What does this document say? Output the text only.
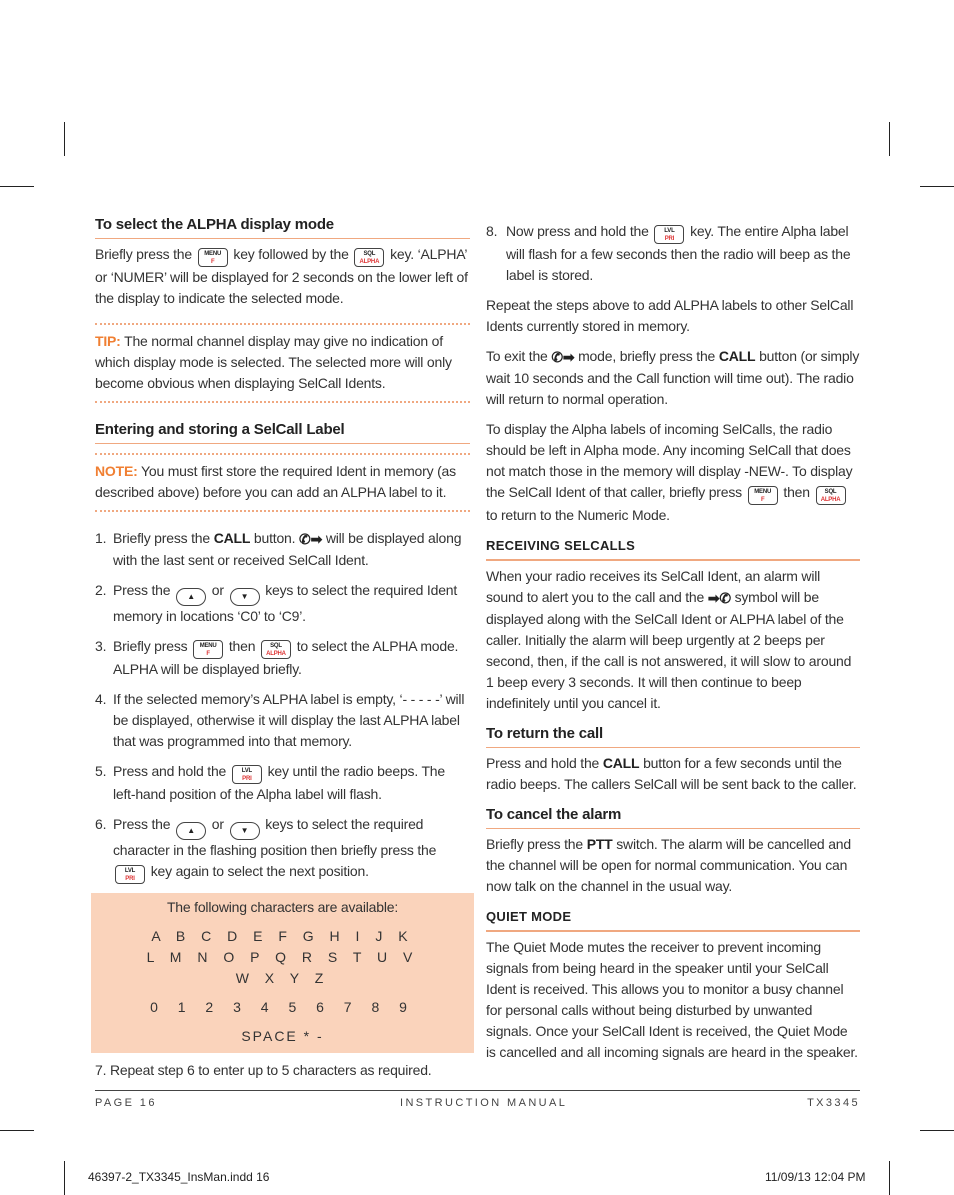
To select the ALPHA display mode

Briefly press the	MENU
F	key followed by the	SQL
ALPHA key. ‘ALPHA’ or ‘NUMER’ will be displayed for 2 seconds on the lower left of the display to indicate the selected mode.

TIP: The normal channel display may give no indication of which display mode is selected. The selected more will only become obvious when displaying SelCall Idents.
Entering and storing a SelCall Label
NOTE: You must first store the required Ident in memory (as described above) before you can add an ALPHA label to it.
1. Briefly press the CALL button. ✆➡ will be displayed along with the last sent or received SelCall Ident.
2. Press the ▲ or ▼ keys to select the required Ident memory in locations ‘C0’ to ‘C9’.
3. Briefly press	MENU
F	then	SQL
ALPHA to select the ALPHA mode. ALPHA will be displayed briefly.
4. If the selected memory’s ALPHA label is empty, ‘- - - - -’ will be displayed, otherwise it will display the last ALPHA label that was programmed into that memory.
5. Press and hold the	LVL
PRI	key until the radio beeps. The left-hand position of the Alpha label will flash.
6. Press the ▲ or ▼ keys to select the required character in the flashing position then briefly press the
LVL
PRI	key again to select the next position.
The following characters are available:
A B C D E F G H I J K
L M N O P Q R S T U V
W X Y Z
0 1 2 3 4 5 6 7 8 9
SPACE * -

7. Repeat step 6 to enter up to 5 characters as required.

8. Now press and hold the	LVL
PRI	key. The entire Alpha label will flash for a few seconds then the radio will beep as the label is stored.

Repeat the steps above to add ALPHA labels to other SelCall Idents currently stored in memory.

To exit the ✆➡ mode, briefly press the CALL button (or simply wait 10 seconds and the Call function will time out). The radio will return to normal operation.

To display the Alpha labels of incoming SelCalls, the radio should be left in Alpha mode. Any incoming SelCall that does not match those in the memory will display -NEW-. To display the SelCall Ident of that caller, briefly press	MENU
F	then	SQL
ALPHA
to return to the Numeric Mode.

RECEIVING SELCALLS

When your radio receives its SelCall Ident, an alarm will sound to alert you to the call and the ➡✆ symbol will be displayed along with the SelCall Ident or ALPHA label of the caller. Initially the alarm will beep urgently at 2 beeps per second, then, if the call is not answered, it will slow to around 1 beep every 3 seconds. It will then continue to beep indefinitely until you cancel it.

To return the call

Press and hold the CALL button for a few seconds until the radio beeps. The callers SelCall will be sent back to the caller.

To cancel the alarm

Briefly press the PTT switch. The alarm will be cancelled and the channel will be open for normal communication. You can now talk on the channel in the usual way.

QUIET MODE

The Quiet Mode mutes the receiver to prevent incoming signals from being heard in the speaker until your SelCall Ident is received. This allows you to monitor a busy channel for personal calls without being disturbed by unwanted signals. Once your SelCall Ident is received, the Quiet Mode is cancelled and all incoming signals are heard in the speaker.

PAGE 16	INSTRUCTION MANUAL	TX3345
46397-2_TX3345_InsMan.indd 16	11/09/13 12:04 PM
